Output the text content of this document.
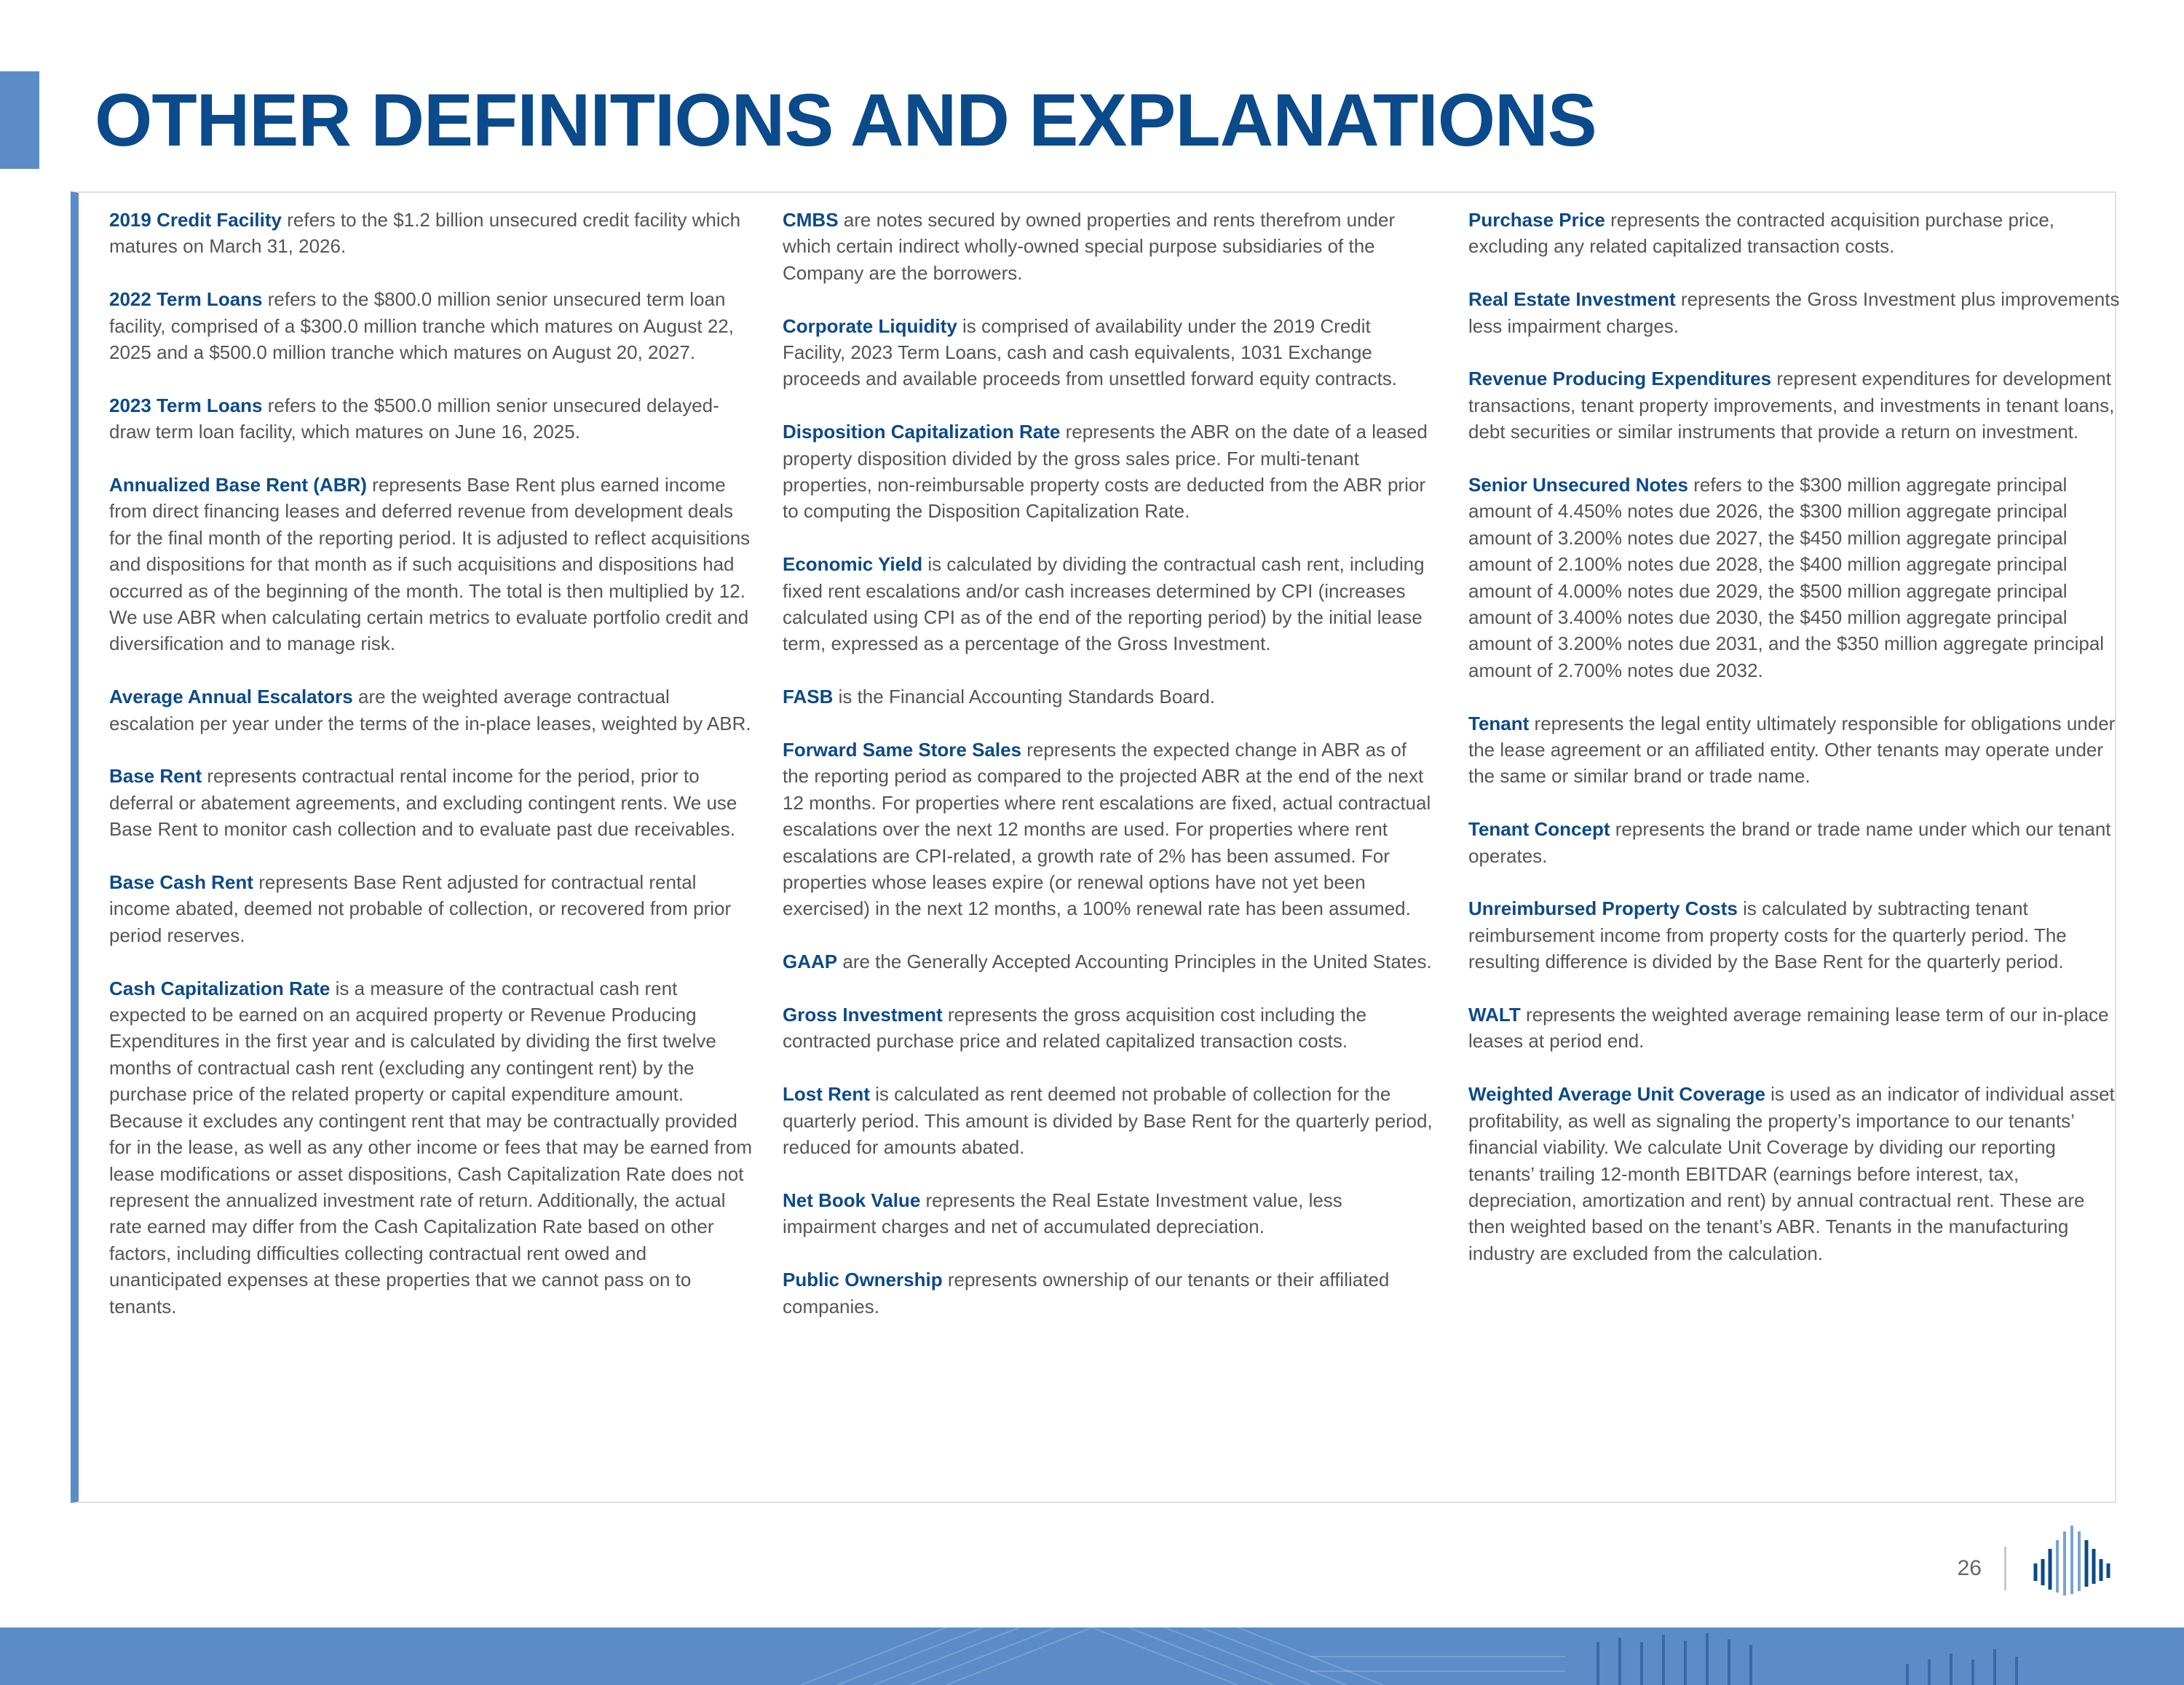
OTHER DEFINITIONS AND EXPLANATIONS

2019 Credit Facility refers to the $1.2 billion unsecured credit facility which matures on March 31, 2026.

2022 Term Loans refers to the $800.0 million senior unsecured term loan facility, comprised of a $300.0 million tranche which matures on August 22, 2025 and a $500.0 million tranche which matures on August 20, 2027.

2023 Term Loans refers to the $500.0 million senior unsecured delayed-draw term loan facility, which matures on June 16, 2025.

Annualized Base Rent (ABR) represents Base Rent plus earned income from direct financing leases and deferred revenue from development deals for the final month of the reporting period. It is adjusted to reflect acquisitions and dispositions for that month as if such acquisitions and dispositions had occurred as of the beginning of the month. The total is then multiplied by 12. We use ABR when calculating certain metrics to evaluate portfolio credit and diversification and to manage risk.

Average Annual Escalators are the weighted average contractual escalation per year under the terms of the in-place leases, weighted by ABR.

Base Rent represents contractual rental income for the period, prior to deferral or abatement agreements, and excluding contingent rents. We use Base Rent to monitor cash collection and to evaluate past due receivables.

Base Cash Rent represents Base Rent adjusted for contractual rental income abated, deemed not probable of collection, or recovered from prior period reserves.

Cash Capitalization Rate is a measure of the contractual cash rent expected to be earned on an acquired property or Revenue Producing Expenditures in the first year and is calculated by dividing the first twelve months of contractual cash rent (excluding any contingent rent) by the purchase price of the related property or capital expenditure amount. Because it excludes any contingent rent that may be contractually provided for in the lease, as well as any other income or fees that may be earned from lease modifications or asset dispositions, Cash Capitalization Rate does not represent the annualized investment rate of return. Additionally, the actual rate earned may differ from the Cash Capitalization Rate based on other factors, including difficulties collecting contractual rent owed and unanticipated expenses at these properties that we cannot pass on to tenants.

CMBS are notes secured by owned properties and rents therefrom under which certain indirect wholly-owned special purpose subsidiaries of the Company are the borrowers.

Corporate Liquidity is comprised of availability under the 2019 Credit Facility, 2023 Term Loans, cash and cash equivalents, 1031 Exchange proceeds and available proceeds from unsettled forward equity contracts.

Disposition Capitalization Rate represents the ABR on the date of a leased property disposition divided by the gross sales price. For multi-tenant properties, non-reimbursable property costs are deducted from the ABR prior to computing the Disposition Capitalization Rate.

Economic Yield is calculated by dividing the contractual cash rent, including fixed rent escalations and/or cash increases determined by CPI (increases calculated using CPI as of the end of the reporting period) by the initial lease term, expressed as a percentage of the Gross Investment.

FASB is the Financial Accounting Standards Board.

Forward Same Store Sales represents the expected change in ABR as of the reporting period as compared to the projected ABR at the end of the next 12 months. For properties where rent escalations are fixed, actual contractual escalations over the next 12 months are used. For properties where rent escalations are CPI-related, a growth rate of 2% has been assumed. For properties whose leases expire (or renewal options have not yet been exercised) in the next 12 months, a 100% renewal rate has been assumed.

GAAP are the Generally Accepted Accounting Principles in the United States.

Gross Investment represents the gross acquisition cost including the contracted purchase price and related capitalized transaction costs.

Lost Rent is calculated as rent deemed not probable of collection for the quarterly period. This amount is divided by Base Rent for the quarterly period, reduced for amounts abated.

Net Book Value represents the Real Estate Investment value, less impairment charges and net of accumulated depreciation.

Public Ownership represents ownership of our tenants or their affiliated companies.

Purchase Price represents the contracted acquisition purchase price, excluding any related capitalized transaction costs.

Real Estate Investment represents the Gross Investment plus improvements less impairment charges.

Revenue Producing Expenditures represent expenditures for development transactions, tenant property improvements, and investments in tenant loans, debt securities or similar instruments that provide a return on investment.

Senior Unsecured Notes refers to the $300 million aggregate principal amount of 4.450% notes due 2026, the $300 million aggregate principal amount of 3.200% notes due 2027, the $450 million aggregate principal amount of 2.100% notes due 2028, the $400 million aggregate principal amount of 4.000% notes due 2029, the $500 million aggregate principal amount of 3.400% notes due 2030, the $450 million aggregate principal amount of 3.200% notes due 2031, and the $350 million aggregate principal amount of 2.700% notes due 2032.

Tenant represents the legal entity ultimately responsible for obligations under the lease agreement or an affiliated entity. Other tenants may operate under the same or similar brand or trade name.

Tenant Concept represents the brand or trade name under which our tenant operates.

Unreimbursed Property Costs is calculated by subtracting tenant reimbursement income from property costs for the quarterly period. The resulting difference is divided by the Base Rent for the quarterly period.

WALT represents the weighted average remaining lease term of our in-place leases at period end.

Weighted Average Unit Coverage is used as an indicator of individual asset profitability, as well as signaling the property’s importance to our tenants’ financial viability. We calculate Unit Coverage by dividing our reporting tenants’ trailing 12-month EBITDAR (earnings before interest, tax, depreciation, amortization and rent) by annual contractual rent. These are then weighted based on the tenant’s ABR. Tenants in the manufacturing industry are excluded from the calculation.

26
